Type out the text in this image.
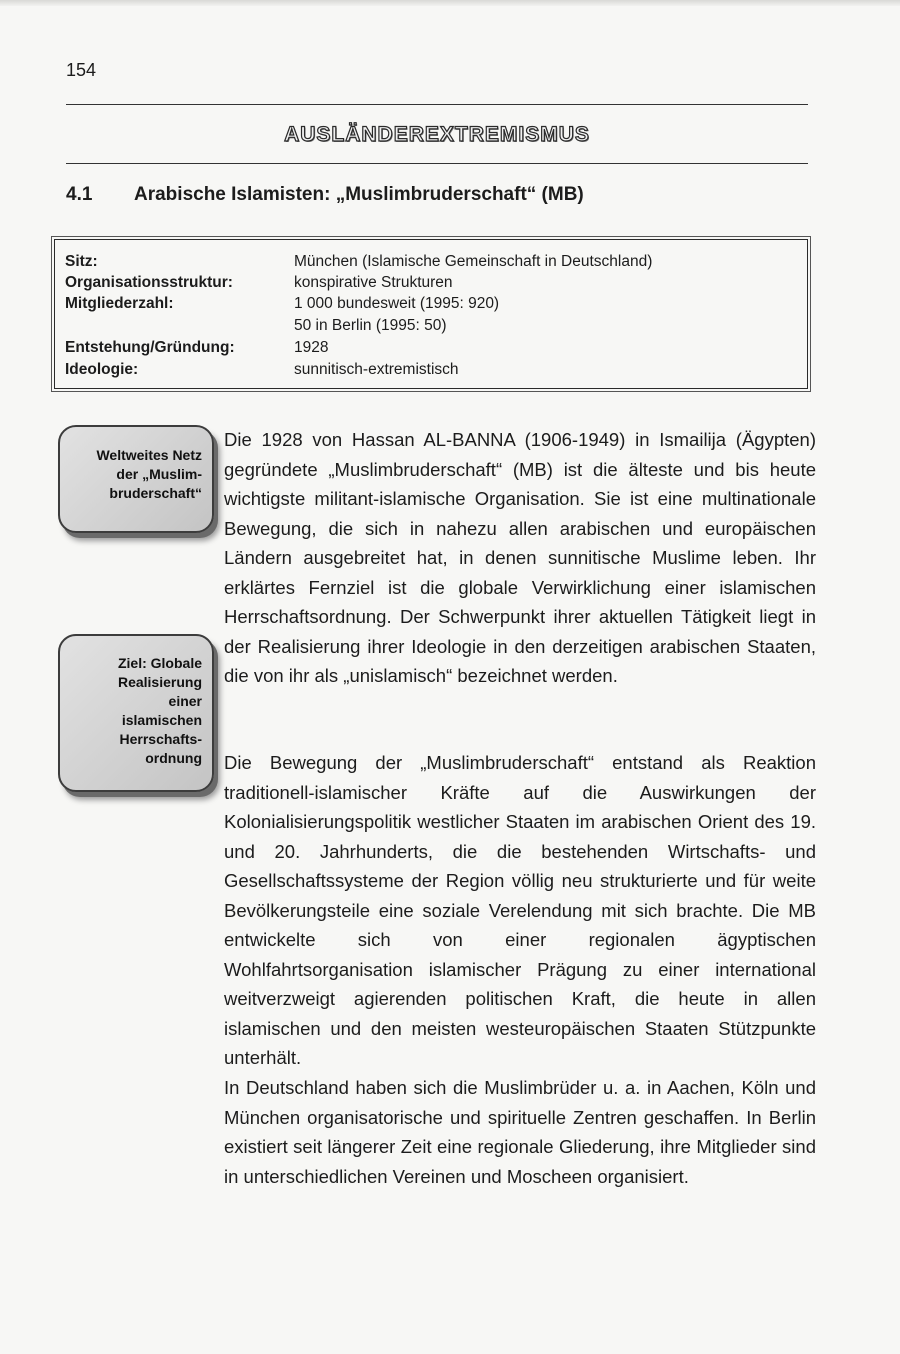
154
AUSLÄNDEREXTREMISMUS
4.1 Arabische Islamisten: „Muslimbruderschaft“ (MB)
Sitz:	München (Islamische Gemeinschaft in Deutschland)
Organisationsstruktur:	konspirative Strukturen
Mitgliederzahl:	1 000 bundesweit (1995: 920)
50 in Berlin (1995: 50)
Entstehung/Gründung:	1928
Ideologie:	sunnitisch-extremistisch
Weltweites Netz
der „Muslim-
bruderschaft“
Ziel: Globale
Realisierung
einer
islamischen
Herrschafts-
ordnung

Die 1928 von Hassan AL-BANNA (1906-1949) in Ismailija (Ägypten) gegründete „Muslimbruderschaft“ (MB) ist die älteste und bis heute wichtigste militant-islamische Organisation. Sie ist eine multinationale Bewegung, die sich in nahezu allen arabischen und europäischen Ländern ausgebreitet hat, in denen sunnitische Muslime leben. Ihr erklärtes Fernziel ist die globale Verwirklichung einer islamischen Herrschaftsordnung. Der Schwerpunkt ihrer aktuellen Tätigkeit liegt in der Realisierung ihrer Ideologie in den derzeitigen arabischen Staaten, die von ihr als „unislamisch“ bezeichnet werden.

Die Bewegung der „Muslimbruderschaft“ entstand als Reaktion traditionell-islamischer Kräfte auf die Auswirkungen der Kolonialisierungspolitik westlicher Staaten im arabischen Orient des 19. und 20. Jahrhunderts, die die bestehenden Wirtschafts- und Gesellschaftssysteme der Region völlig neu strukturierte und für weite Bevölkerungsteile eine soziale Verelendung mit sich brachte. Die MB entwickelte sich von einer regionalen ägyptischen Wohlfahrtsorganisation islamischer Prägung zu einer international weitverzweigt agierenden politischen Kraft, die heute in allen islamischen und den meisten westeuropäischen Staaten Stützpunkte unterhält.

In Deutschland haben sich die Muslimbrüder u. a. in Aachen, Köln und München organisatorische und spirituelle Zentren geschaffen. In Berlin existiert seit längerer Zeit eine regionale Gliederung, ihre Mitglieder sind in unterschiedlichen Vereinen und Moscheen organisiert.
